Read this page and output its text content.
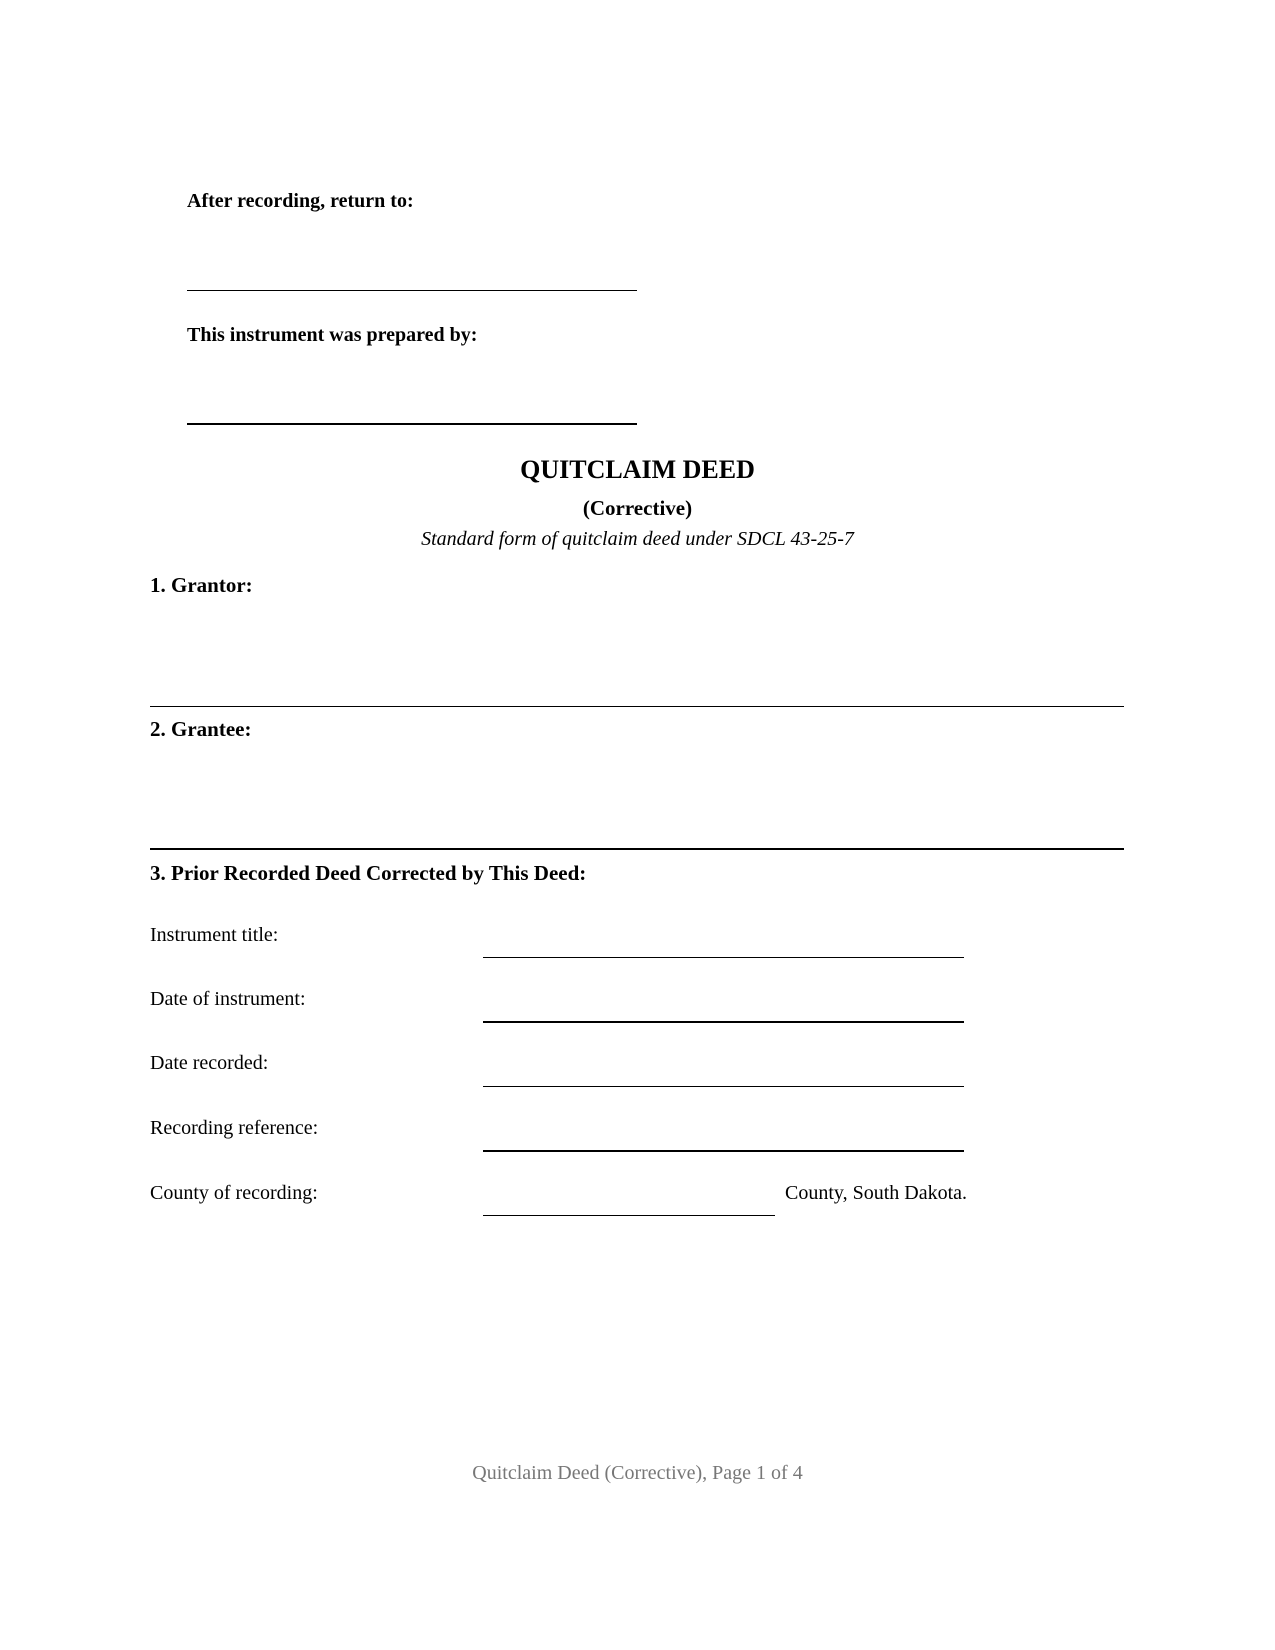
After recording, return to:
This instrument was prepared by:
QUITCLAIM DEED
(Corrective)
Standard form of quitclaim deed under SDCL 43-25-7
1. Grantor:
2. Grantee:
3. Prior Recorded Deed Corrected by This Deed:
Instrument title:
Date of instrument:
Date recorded:
Recording reference:
County of recording:	County, South Dakota.
Quitclaim Deed (Corrective), Page 1 of 4
